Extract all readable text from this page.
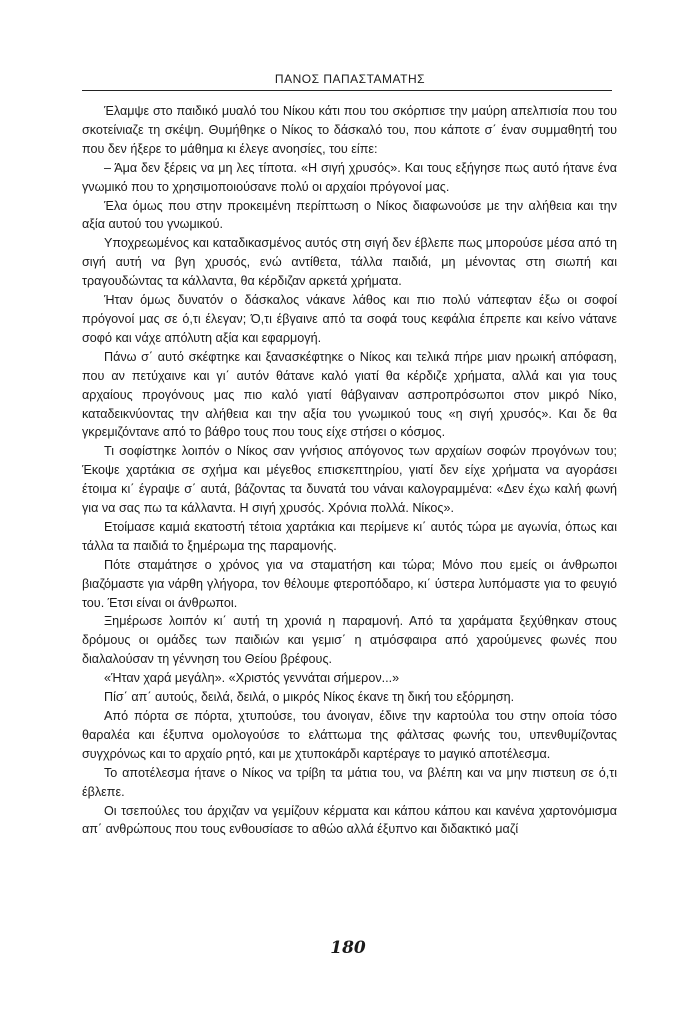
ΠΑΝΟΣ ΠΑΠΑΣΤΑΜΑΤΗΣ

Έλαμψε στο παιδικό μυαλό του Νίκου κάτι που του σκόρπισε την μαύρη απελπισία που του σκοτείνιαζε τη σκέψη. Θυμήθηκε ο Νίκος το δάσκαλό του, που κάποτε σ΄ έναν συμμαθητή του που δεν ήξερε το μάθημα κι έλεγε ανοησίες, του είπε:

– Άμα δεν ξέρεις να μη λες τίποτα. «Η σιγή χρυσός». Και τους εξήγησε πως αυτό ήτανε ένα γνωμικό που το χρησιμοποιούσανε πολύ οι αρχαίοι πρόγονοί μας.

Έλα όμως που στην προκειμένη περίπτωση ο Νίκος διαφωνούσε με την αλήθεια και την αξία αυτού του γνωμικού.

Υποχρεωμένος και καταδικασμένος αυτός στη σιγή δεν έβλεπε πως μπορούσε μέσα από τη σιγή αυτή να βγη χρυσός, ενώ αντίθετα, τάλλα παιδιά, μη μένοντας στη σιωπή και τραγουδώντας τα κάλλαντα, θα κέρδιζαν αρκετά χρήματα.

Ήταν όμως δυνατόν ο δάσκαλος νάκανε λάθος και πιο πολύ νάπεφταν έξω οι σοφοί πρόγονοί μας σε ό,τι έλεγαν; Ό,τι έβγαινε από τα σοφά τους κεφάλια έπρεπε και κείνο νάτανε σοφό και νάχε απόλυτη αξία και εφαρμογή.

Πάνω σ΄ αυτό σκέφτηκε και ξανασκέφτηκε ο Νίκος και τελικά πήρε μιαν ηρωική απόφαση, που αν πετύχαινε και γι΄ αυτόν θάτανε καλό γιατί θα κέρδιζε χρήματα, αλλά και για τους αρχαίους προγόνους μας πιο καλό γιατί θάβγαιναν ασπροπρόσωποι στον μικρό Νίκο, καταδεικνύοντας την αλήθεια και την αξία του γνωμικού τους «η σιγή χρυσός». Και δε θα γκρεμιζόντανε από το βάθρο τους που τους είχε στήσει ο κόσμος.

Τι σοφίστηκε λοιπόν ο Νίκος σαν γνήσιος απόγονος των αρχαίων σοφών προγόνων του; Έκοψε χαρτάκια σε σχήμα και μέγεθος επισκεπτηρίου, γιατί δεν είχε χρήματα να αγοράσει έτοιμα κι΄ έγραψε σ΄ αυτά, βάζοντας τα δυνατά του νάναι καλογραμμένα: «Δεν έχω καλή φωνή για να σας πω τα κάλλαντα. Η σιγή χρυσός. Χρόνια πολλά. Νίκος».

Ετοίμασε καμιά εκατοστή τέτοια χαρτάκια και περίμενε κι΄ αυτός τώρα με αγωνία, όπως και τάλλα τα παιδιά το ξημέρωμα της παραμονής.

Πότε σταμάτησε ο χρόνος για να σταματήση και τώρα; Μόνο που εμείς οι άνθρωποι βιαζόμαστε για νάρθη γλήγορα, τον θέλουμε φτεροπόδαρο, κι΄ ύστερα λυπόμαστε για το φευγιό του. Έτσι είναι οι άνθρωποι.

Ξημέρωσε λοιπόν κι΄ αυτή τη χρονιά η παραμονή. Από τα χαράματα ξεχύθηκαν στους δρόμους οι ομάδες των παιδιών και γεμισ΄ η ατμόσφαιρα από χαρούμενες φωνές που διαλαλούσαν τη γέννηση του Θείου βρέφους.

«Ήταν χαρά μεγάλη». «Χριστός γεννάται σήμερον...»

Πίσ΄ απ΄ αυτούς, δειλά, δειλά, ο μικρός Νίκος έκανε τη δική του εξόρμηση.

Από πόρτα σε πόρτα, χτυπούσε, του άνοιγαν, έδινε την καρτούλα του στην οποία τόσο θαραλέα και έξυπνα ομολογούσε το ελάττωμα της φάλτσας φωνής του, υπενθυμίζοντας συγχρόνως και το αρχαίο ρητό, και με χτυποκάρδι καρτέραγε το μαγικό αποτέλεσμα.

Το αποτέλεσμα ήτανε ο Νίκος να τρίβη τα μάτια του, να βλέπη και να μην πιστευη σε ό,τι έβλεπε.

Οι τσεπούλες του άρχιζαν να γεμίζουν κέρματα και κάπου κάπου και κανένα χαρτονόμισμα απ΄ ανθρώπους που τους ενθουσίασε το αθώο αλλά έξυπνο και διδακτικό μαζί

180
